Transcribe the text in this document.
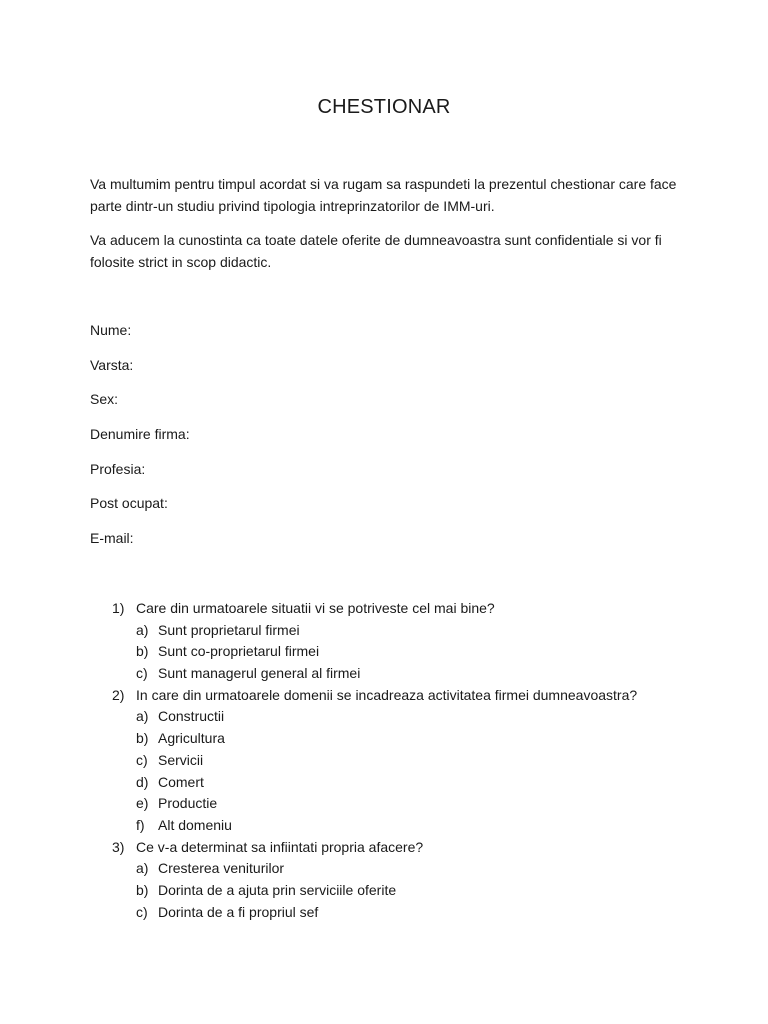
CHESTIONAR
Va multumim pentru timpul acordat si va rugam sa raspundeti la prezentul chestionar care face parte dintr-un studiu privind tipologia intreprinzatorilor de IMM-uri.
Va aducem la cunostinta ca toate datele oferite de dumneavoastra sunt confidentiale si vor fi folosite strict in scop didactic.
Nume:
Varsta:
Sex:
Denumire firma:
Profesia:
Post ocupat:
E-mail:
1) Care din urmatoarele situatii vi se potriveste cel mai bine?
a) Sunt proprietarul firmei
b) Sunt co-proprietarul firmei
c) Sunt managerul general al firmei
2) In care din urmatoarele domenii se incadreaza activitatea firmei dumneavoastra?
a) Constructii
b) Agricultura
c) Servicii
d) Comert
e) Productie
f) Alt domeniu
3) Ce v-a determinat sa infiintati propria afacere?
a) Cresterea veniturilor
b) Dorinta de a ajuta prin serviciile oferite
c) Dorinta de a fi propriul sef
